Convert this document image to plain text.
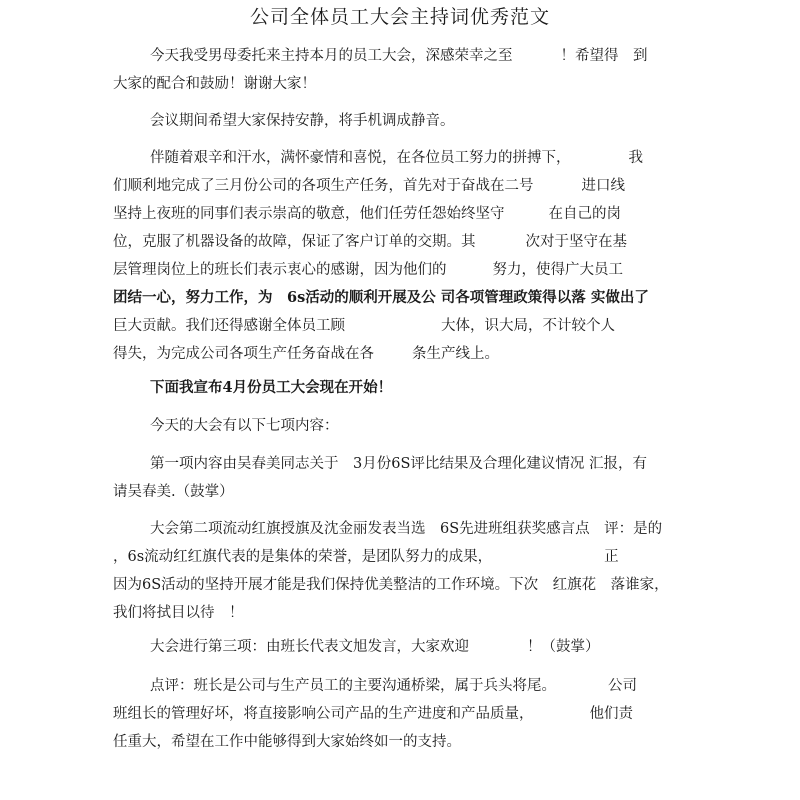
公司全体员工大会主持词优秀范文
今天我受男母委托来主持本月的员工大会，深感荣幸之至	！希望得　到
大家的配合和鼓励！谢谢大家！
会议期间希望大家保持安静，将手机调成静音。
伴随着艰辛和汗水，满怀豪情和喜悦，在各位员工努力的拼搏下，	我
们顺利地完成了三月份公司的各项生产任务，首先对于奋战在二号	进口线
坚持上夜班的同事们表示崇高的敬意，他们任劳任怨始终坚守	在自己的岗
位，克服了机器设备的故障，保证了客户订单的交期。其	次对于坚守在基
层管理岗位上的班长们表示衷心的感谢，因为他们的	努力，使得广大员工
团结一心，努力工作，为　6s活动的顺利开展及公 司各项管理政策得以落 实做出了
巨大贡献。我们还得感谢全体员工顾	大体，识大局，不计较个人
得失，为完成公司各项生产任务奋战在各	条生产线上。
下面我宣布4月份员工大会现在开始！
今天的大会有以下七项内容：
第一项内容由吴春美同志关于　3月份6S评比结果及合理化建议情况 汇报，有
请吴春美.（鼓掌）
大会第二项流动红旗授旗及沈金丽发表当选　6S先进班组获奖感言点　评：是的
，6s流动红红旗代表的是集体的荣誉，是团队努力的成果，	正
因为6S活动的坚持开展才能是我们保持优美整洁的工作环境。下次　红旗花　落谁家，
我们将拭目以待　！
大会进行第三项：由班长代表文旭发言，大家欢迎	！（鼓掌）
点评：班长是公司与生产员工的主要沟通桥梁，属于兵头将尾。	公司
班组长的管理好坏，将直接影响公司产品的生产进度和产品质量，	他们责
任重大，希望在工作中能够得到大家始终如一的支持。
